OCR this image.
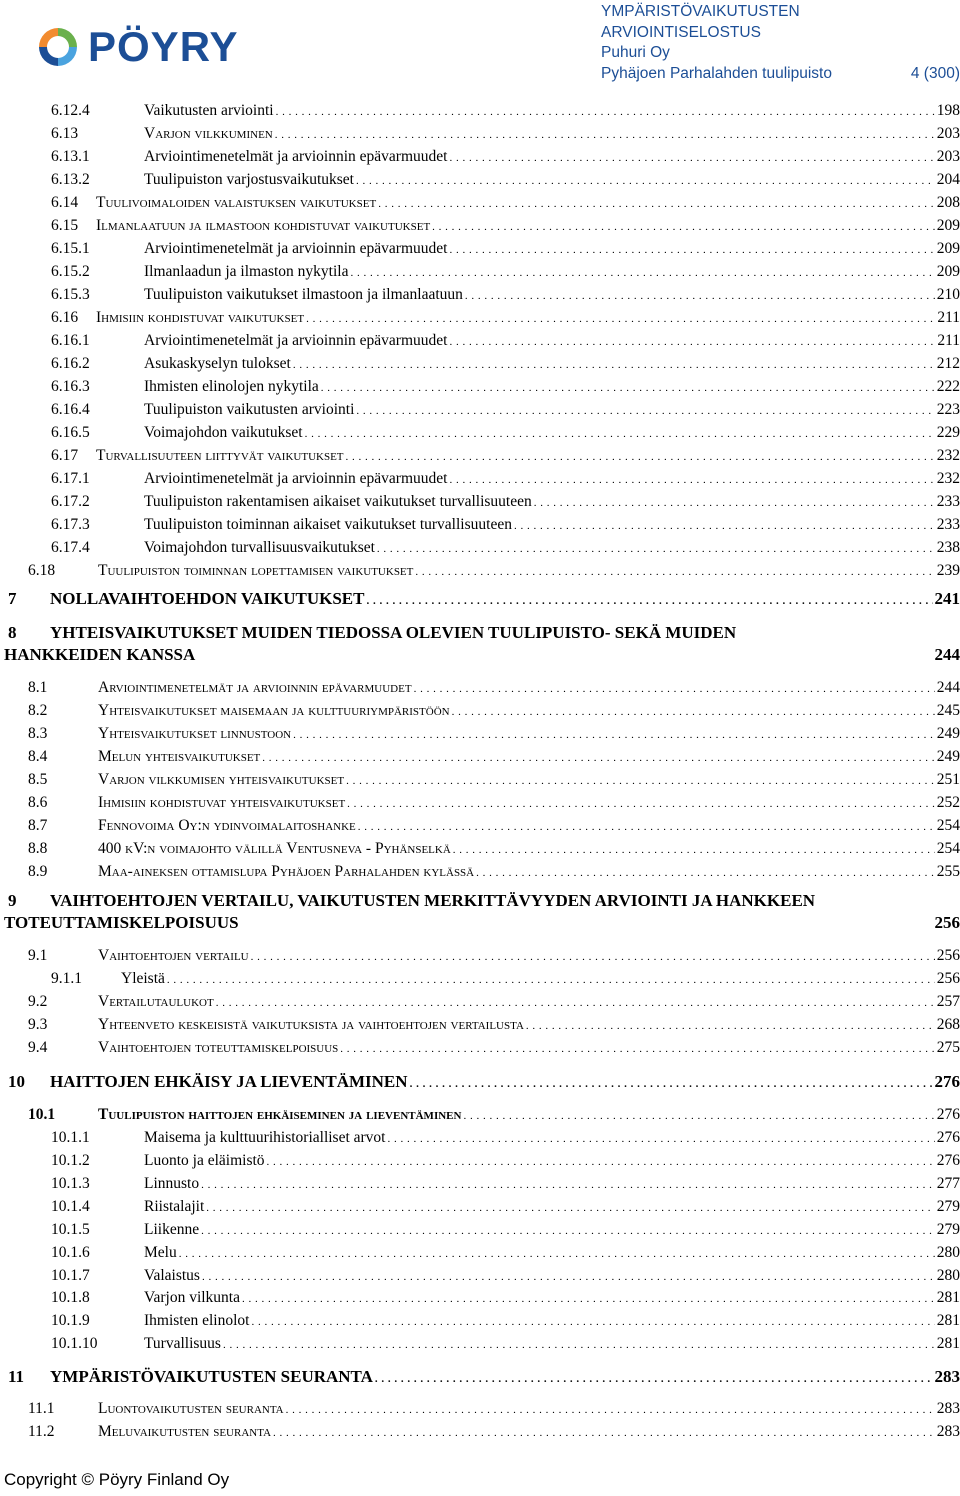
PÖYRY
YMPÄRISTÖVAIKUTUSTEN
ARVIOINTISELOSTUS
Puhuri Oy
Pyhäjoen Parhalahden tuulipuisto	4 (300)
6.12.4	Vaikutusten arviointi . . .	198
6.13	Varjon vilkkuminen . . .	203
6.13.1	Arviointimenetelmät ja arvioinnin epävarmuudet . . .	203
6.13.2	Tuulipuiston varjostusvaikutukset . . .	204
6.14	Tuulivoimaloiden valaistuksen vaikutukset . . .	208
6.15	Ilmanlaatuun ja ilmastoon kohdistuvat vaikutukset . . .	209
6.15.1	Arviointimenetelmät ja arvioinnin epävarmuudet . . .	209
6.15.2	Ilmanlaadun ja ilmaston nykytila . . .	209
6.15.3	Tuulipuiston vaikutukset ilmastoon ja ilmanlaatuun . . .	210
6.16	Ihmisiin kohdistuvat vaikutukset . . .	211
6.16.1	Arviointimenetelmät ja arvioinnin epävarmuudet . . .	211
6.16.2	Asukaskyselyn tulokset . . .	212
6.16.3	Ihmisten elinolojen nykytila . . .	222
6.16.4	Tuulipuiston vaikutusten arviointi . . .	223
6.16.5	Voimajohdon vaikutukset . . .	229
6.17	Turvallisuuteen liittyvät vaikutukset . . .	232
6.17.1	Arviointimenetelmät ja arvioinnin epävarmuudet . . .	232
6.17.2	Tuulipuiston rakentamisen aikaiset vaikutukset turvallisuuteen . . .	233
6.17.3	Tuulipuiston toiminnan aikaiset vaikutukset turvallisuuteen . . .	233
6.17.4	Voimajohdon turvallisuusvaikutukset . . .	238
6.18	Tuulipuiston toiminnan lopettamisen vaikutukset . . .	239
7	NOLLAVAIHTOEHDON VAIKUTUKSET . . .	241
8 YHTEISVAIKUTUKSET MUIDEN TIEDOSSA OLEVIEN TUULIPUISTO- SEKÄ MUIDEN
HANKKEIDEN KANSSA	244
8.1	Arviointimenetelmät ja arvioinnin epävarmuudet . . .	244
8.2	Yhteisvaikutukset maisemaan ja kulttuuriympäristöön . . .	245
8.3	Yhteisvaikutukset linnustoon . . .	249
8.4	Melun yhteisvaikutukset . . .	249
8.5	Varjon vilkkumisen yhteisvaikutukset . . .	251
8.6	Ihmisiin kohdistuvat yhteisvaikutukset . . .	252
8.7	Fennovoima Oy:n ydinvoimalaitoshanke . . .	254
8.8	400 kV:n voimajohto välillä Ventusneva - Pyhänselkä . . .	254
8.9	Maa-aineksen ottamislupa Pyhäjoen Parhalahden kylässä . . .	255
9 VAIHTOEHTOJEN VERTAILU, VAIKUTUSTEN MERKITTÄVYYDEN ARVIOINTI JA HANKKEEN
TOTEUTTAMISKELPOISUUS	256
9.1	Vaihtoehtojen vertailu . . .	256
9.1.1	Yleistä . . .	256
9.2	Vertailutaulukot . . .	257
9.3	Yhteenveto keskeisistä vaikutuksista ja vaihtoehtojen vertailusta . . .	268
9.4	Vaihtoehtojen toteuttamiskelpoisuus . . .	275
10	HAITTOJEN EHKÄISY JA LIEVENTÄMINEN . . .	276
10.1	Tuulipuiston haittojen ehkäiseminen ja lieventäminen . . .	276
10.1.1	Maisema ja kulttuurihistorialliset arvot . . .	276
10.1.2	Luonto ja eläimistö . . .	276
10.1.3	Linnusto . . .	277
10.1.4	Riistalajit . . .	279
10.1.5	Liikenne . . .	279
10.1.6	Melu . . .	280
10.1.7	Valaistus . . .	280
10.1.8	Varjon vilkunta . . .	281
10.1.9	Ihmisten elinolot . . .	281
10.1.10	Turvallisuus . . .	281
11	YMPÄRISTÖVAIKUTUSTEN SEURANTA . . .	283
11.1	Luontovaikutusten seuranta . . .	283
11.2	Meluvaikutusten seuranta . . .	283
Copyright © Pöyry Finland Oy
